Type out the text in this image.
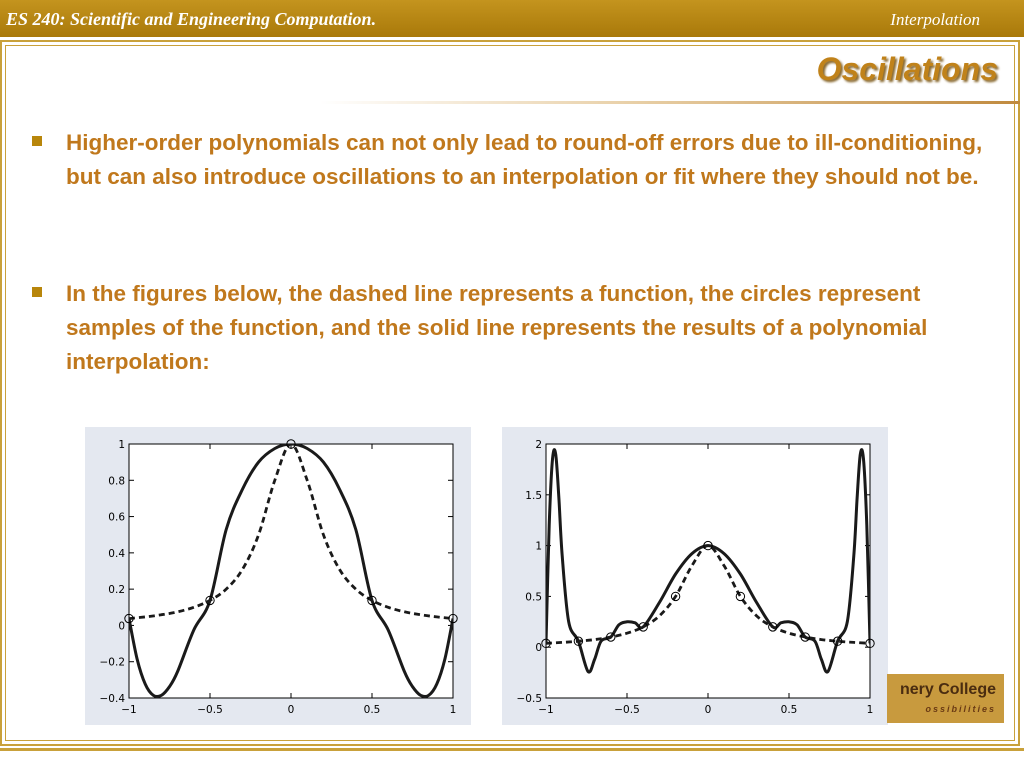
ES 240: Scientific and Engineering Computation.	Interpolation
Oscillations
Higher-order polynomials can not only lead to round-off errors due to ill-conditioning, but can also introduce oscillations to an interpolation or fit where they should not be.
In the figures below, the dashed line represents a function, the circles represent samples of the function, and the solid line represents the results of a polynomial interpolation:
−1	−0.5	0	0.5	1
1
0.8
0.6
0.4
0.2
0
−0.2
−0.4
−1	−0.5	0	0.5	1
2
1.5
1
0.5
0
−0.5
nery College
ossibilities
